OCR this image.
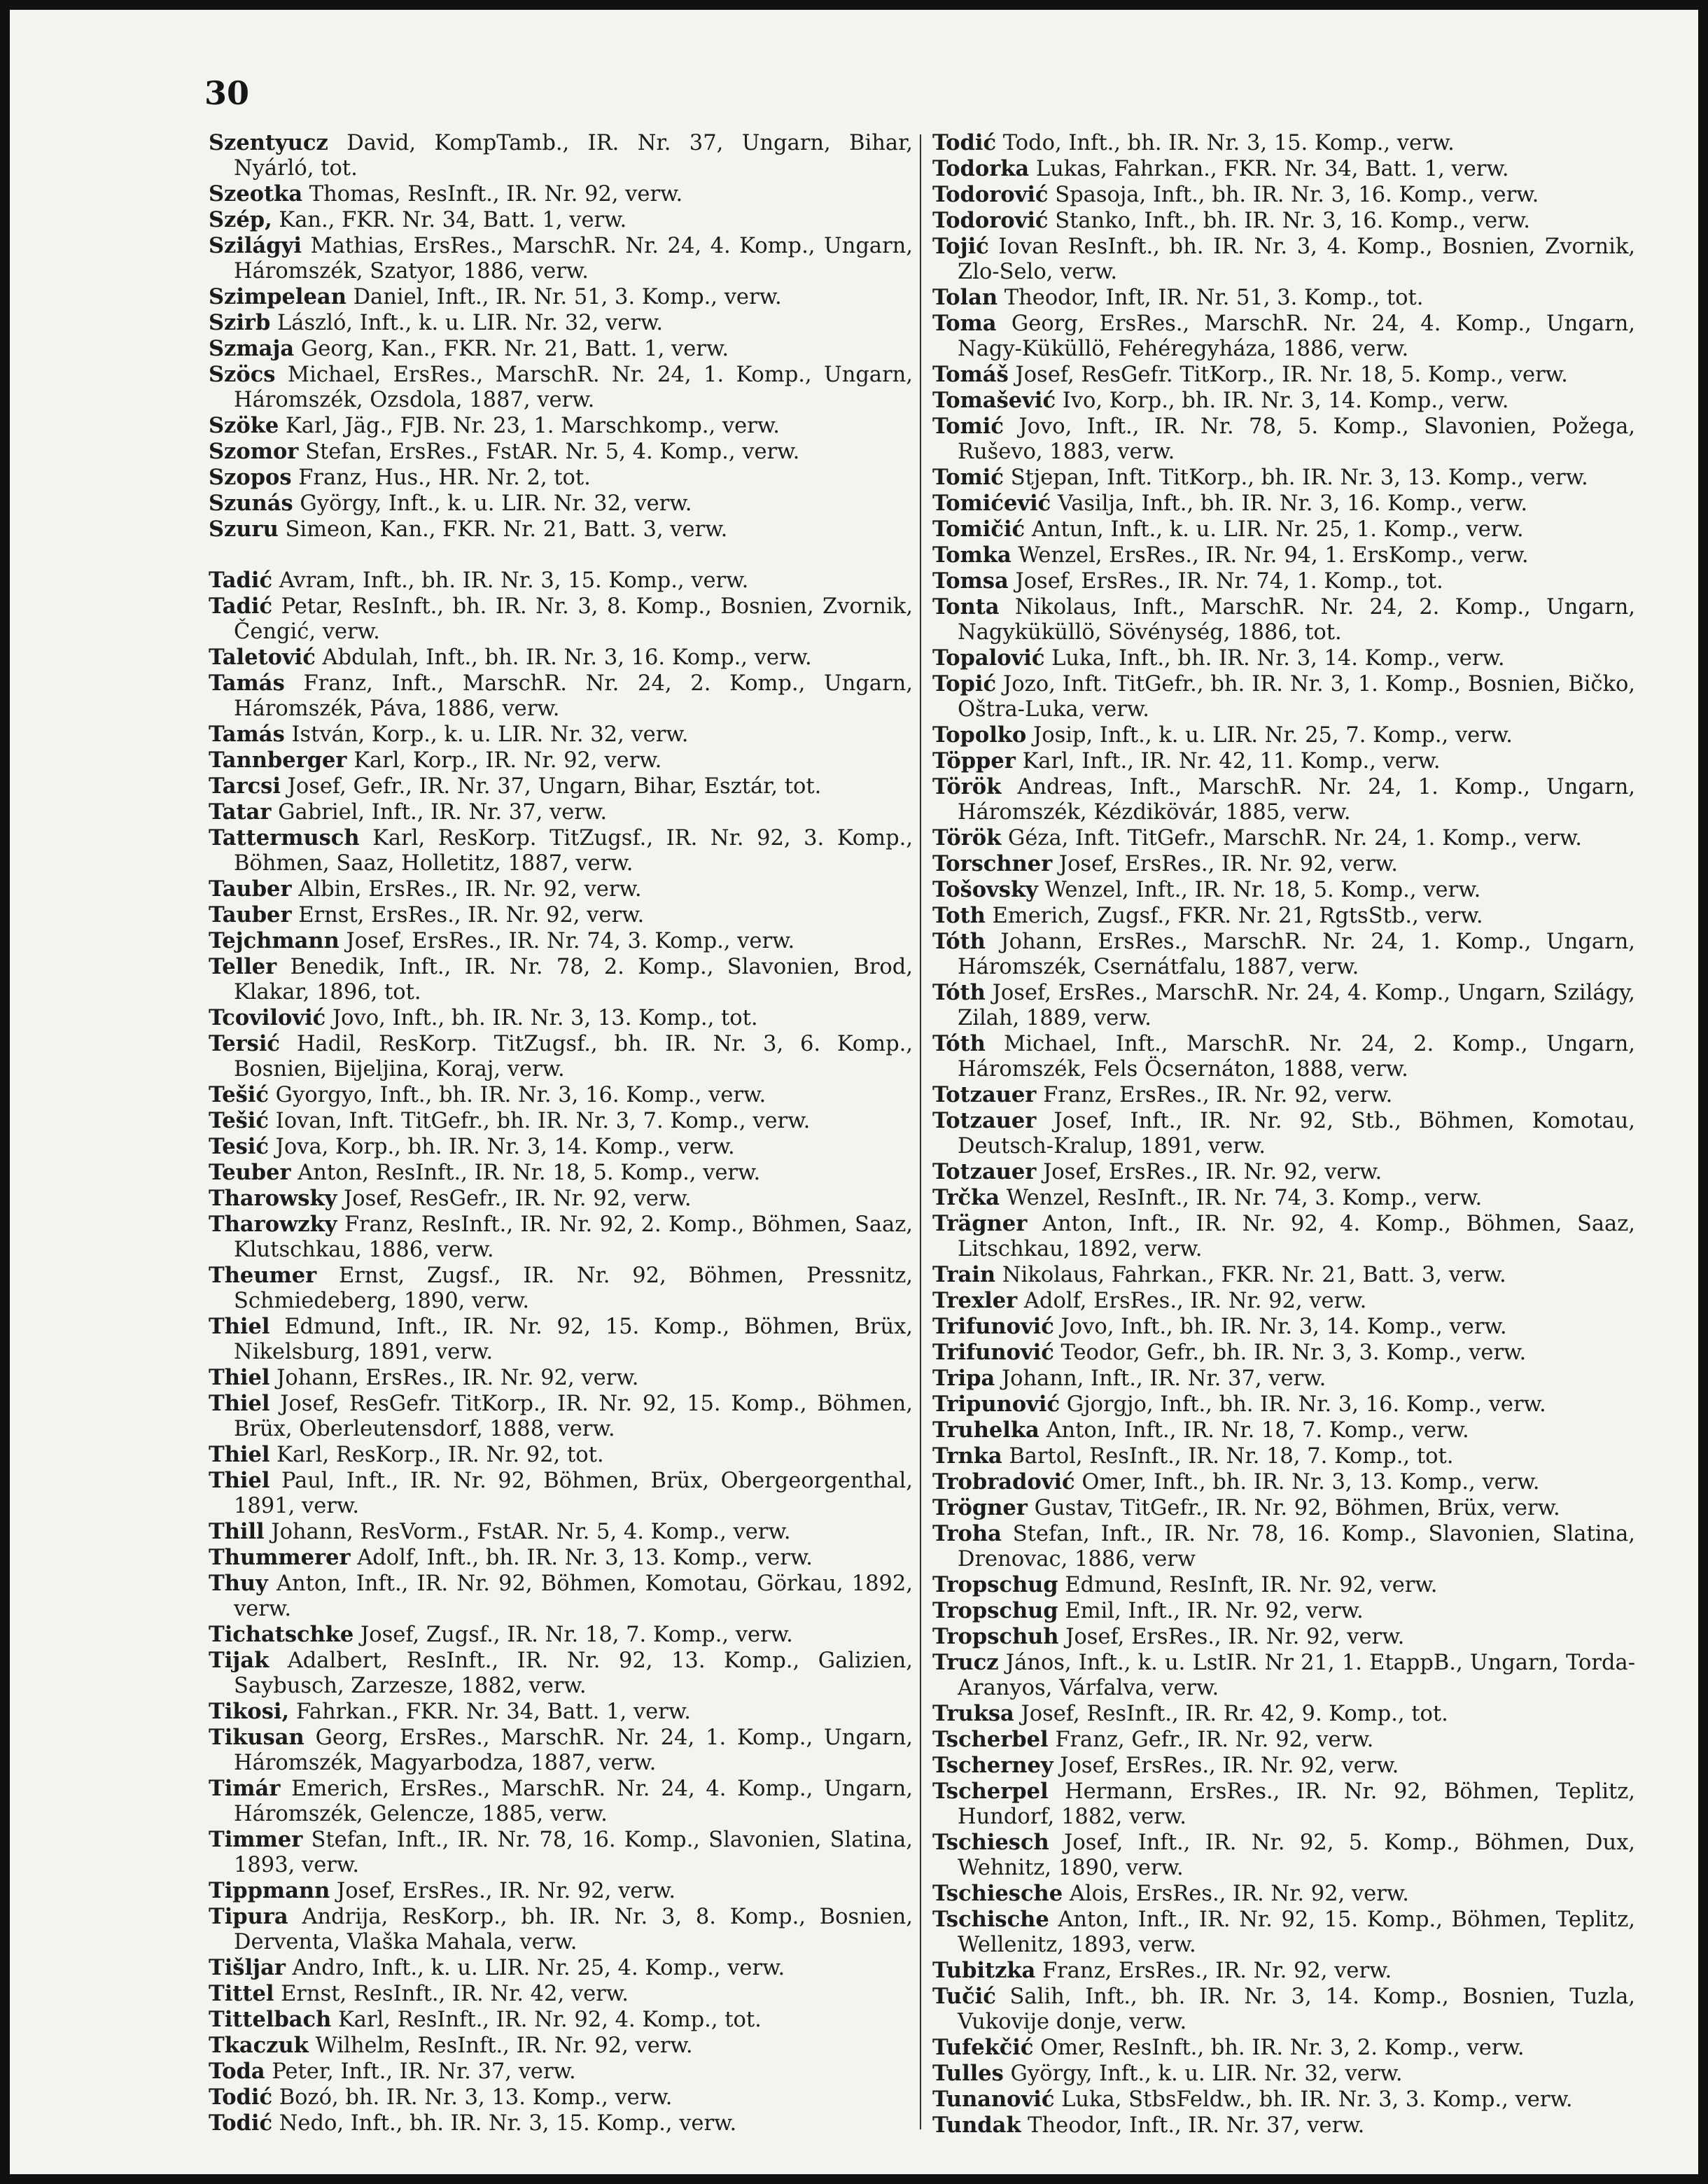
30
Szentyucz David, KompTamb., IR. Nr. 37, Ungarn, Bihar, Nyárló, tot.
Szeotka Thomas, ResInft., IR. Nr. 92, verw.
Szép, Kan., FKR. Nr. 34, Batt. 1, verw.
Szilágyi Mathias, ErsRes., MarschR. Nr. 24, 4. Komp., Ungarn, Háromszék, Szatyor, 1886, verw.
Szimpelean Daniel, Inft., IR. Nr. 51, 3. Komp., verw.
Szirb László, Inft., k. u. LIR. Nr. 32, verw.
Szmaja Georg, Kan., FKR. Nr. 21, Batt. 1, verw.
Szöcs Michael, ErsRes., MarschR. Nr. 24, 1. Komp., Ungarn, Háromszék, Ozsdola, 1887, verw.
Szöke Karl, Jäg., FJB. Nr. 23, 1. Marschkomp., verw.
Szomor Stefan, ErsRes., FstAR. Nr. 5, 4. Komp., verw.
Szopos Franz, Hus., HR. Nr. 2, tot.
Szunás György, Inft., k. u. LIR. Nr. 32, verw.
Szuru Simeon, Kan., FKR. Nr. 21, Batt. 3, verw.
Tadić Avram, Inft., bh. IR. Nr. 3, 15. Komp., verw.
Tadić Petar, ResInft., bh. IR. Nr. 3, 8. Komp., Bosnien, Zvornik, Čengić, verw.
Taletović Abdulah, Inft., bh. IR. Nr. 3, 16. Komp., verw.
Tamás Franz, Inft., MarschR. Nr. 24, 2. Komp., Ungarn, Háromszék, Páva, 1886, verw.
Tamás István, Korp., k. u. LIR. Nr. 32, verw.
Tannberger Karl, Korp., IR. Nr. 92, verw.
Tarcsi Josef, Gefr., IR. Nr. 37, Ungarn, Bihar, Esztár, tot.
Tatar Gabriel, Inft., IR. Nr. 37, verw.
Tattermusch Karl, ResKorp. TitZugsf., IR. Nr. 92, 3. Komp., Böhmen, Saaz, Holletitz, 1887, verw.
Tauber Albin, ErsRes., IR. Nr. 92, verw.
Tauber Ernst, ErsRes., IR. Nr. 92, verw.
Tejchmann Josef, ErsRes., IR. Nr. 74, 3. Komp., verw.
Teller Benedik, Inft., IR. Nr. 78, 2. Komp., Slavonien, Brod, Klakar, 1896, tot.
Tcovilović Jovo, Inft., bh. IR. Nr. 3, 13. Komp., tot.
Tersić Hadil, ResKorp. TitZugsf., bh. IR. Nr. 3, 6. Komp., Bosnien, Bijeljina, Koraj, verw.
Tešić Gyorgyo, Inft., bh. IR. Nr. 3, 16. Komp., verw.
Tešić Iovan, Inft. TitGefr., bh. IR. Nr. 3, 7. Komp., verw.
Tesić Jova, Korp., bh. IR. Nr. 3, 14. Komp., verw.
Teuber Anton, ResInft., IR. Nr. 18, 5. Komp., verw.
Tharowsky Josef, ResGefr., IR. Nr. 92, verw.
Tharowzky Franz, ResInft., IR. Nr. 92, 2. Komp., Böhmen, Saaz, Klutschkau, 1886, verw.
Theumer Ernst, Zugsf., IR. Nr. 92, Böhmen, Pressnitz, Schmiedeberg, 1890, verw.
Thiel Edmund, Inft., IR. Nr. 92, 15. Komp., Böhmen, Brüx, Nikelsburg, 1891, verw.
Thiel Johann, ErsRes., IR. Nr. 92, verw.
Thiel Josef, ResGefr. TitKorp., IR. Nr. 92, 15. Komp., Böhmen, Brüx, Oberleutensdorf, 1888, verw.
Thiel Karl, ResKorp., IR. Nr. 92, tot.
Thiel Paul, Inft., IR. Nr. 92, Böhmen, Brüx, Obergeorgenthal, 1891, verw.
Thill Johann, ResVorm., FstAR. Nr. 5, 4. Komp., verw.
Thummerer Adolf, Inft., bh. IR. Nr. 3, 13. Komp., verw.
Thuy Anton, Inft., IR. Nr. 92, Böhmen, Komotau, Görkau, 1892, verw.
Tichatschke Josef, Zugsf., IR. Nr. 18, 7. Komp., verw.
Tijak Adalbert, ResInft., IR. Nr. 92, 13. Komp., Galizien, Saybusch, Zarzesze, 1882, verw.
Tikosi, Fahrkan., FKR. Nr. 34, Batt. 1, verw.
Tikusan Georg, ErsRes., MarschR. Nr. 24, 1. Komp., Ungarn, Háromszék, Magyarbodza, 1887, verw.
Timár Emerich, ErsRes., MarschR. Nr. 24, 4. Komp., Ungarn, Háromszék, Gelencze, 1885, verw.
Timmer Stefan, Inft., IR. Nr. 78, 16. Komp., Slavonien, Slatina, 1893, verw.
Tippmann Josef, ErsRes., IR. Nr. 92, verw.
Tipura Andrija, ResKorp., bh. IR. Nr. 3, 8. Komp., Bosnien, Derventa, Vlaška Mahala, verw.
Tišljar Andro, Inft., k. u. LIR. Nr. 25, 4. Komp., verw.
Tittel Ernst, ResInft., IR. Nr. 42, verw.
Tittelbach Karl, ResInft., IR. Nr. 92, 4. Komp., tot.
Tkaczuk Wilhelm, ResInft., IR. Nr. 92, verw.
Toda Peter, Inft., IR. Nr. 37, verw.
Todić Bozó, bh. IR. Nr. 3, 13. Komp., verw.
Todić Nedo, Inft., bh. IR. Nr. 3, 15. Komp., verw.
Todić Todo, Inft., bh. IR. Nr. 3, 15. Komp., verw.
Todorka Lukas, Fahrkan., FKR. Nr. 34, Batt. 1, verw.
Todorović Spasoja, Inft., bh. IR. Nr. 3, 16. Komp., verw.
Todorović Stanko, Inft., bh. IR. Nr. 3, 16. Komp., verw.
Tojić Iovan ResInft., bh. IR. Nr. 3, 4. Komp., Bosnien, Zvornik, Zlo-Selo, verw.
Tolan Theodor, Inft, IR. Nr. 51, 3. Komp., tot.
Toma Georg, ErsRes., MarschR. Nr. 24, 4. Komp., Ungarn, Nagy-Küküllö, Fehéregyháza, 1886, verw.
Tomáš Josef, ResGefr. TitKorp., IR. Nr. 18, 5. Komp., verw.
Tomašević Ivo, Korp., bh. IR. Nr. 3, 14. Komp., verw.
Tomić Jovo, Inft., IR. Nr. 78, 5. Komp., Slavonien, Požega, Ruševo, 1883, verw.
Tomić Stjepan, Inft. TitKorp., bh. IR. Nr. 3, 13. Komp., verw.
Tomićević Vasilja, Inft., bh. IR. Nr. 3, 16. Komp., verw.
Tomičić Antun, Inft., k. u. LIR. Nr. 25, 1. Komp., verw.
Tomka Wenzel, ErsRes., IR. Nr. 94, 1. ErsKomp., verw.
Tomsa Josef, ErsRes., IR. Nr. 74, 1. Komp., tot.
Tonta Nikolaus, Inft., MarschR. Nr. 24, 2. Komp., Ungarn, Nagyküküllö, Sövénység, 1886, tot.
Topalović Luka, Inft., bh. IR. Nr. 3, 14. Komp., verw.
Topić Jozo, Inft. TitGefr., bh. IR. Nr. 3, 1. Komp., Bosnien, Bičko, Oštra-Luka, verw.
Topolko Josip, Inft., k. u. LIR. Nr. 25, 7. Komp., verw.
Töpper Karl, Inft., IR. Nr. 42, 11. Komp., verw.
Török Andreas, Inft., MarschR. Nr. 24, 1. Komp., Ungarn, Háromszék, Kézdikövár, 1885, verw.
Török Géza, Inft. TitGefr., MarschR. Nr. 24, 1. Komp., verw.
Torschner Josef, ErsRes., IR. Nr. 92, verw.
Tošovsky Wenzel, Inft., IR. Nr. 18, 5. Komp., verw.
Toth Emerich, Zugsf., FKR. Nr. 21, RgtsStb., verw.
Tóth Johann, ErsRes., MarschR. Nr. 24, 1. Komp., Ungarn, Háromszék, Csernátfalu, 1887, verw.
Tóth Josef, ErsRes., MarschR. Nr. 24, 4. Komp., Ungarn, Szilágy, Zilah, 1889, verw.
Tóth Michael, Inft., MarschR. Nr. 24, 2. Komp., Ungarn, Háromszék, Fels Öcsernáton, 1888, verw.
Totzauer Franz, ErsRes., IR. Nr. 92, verw.
Totzauer Josef, Inft., IR. Nr. 92, Stb., Böhmen, Komotau, Deutsch-Kralup, 1891, verw.
Totzauer Josef, ErsRes., IR. Nr. 92, verw.
Trčka Wenzel, ResInft., IR. Nr. 74, 3. Komp., verw.
Trägner Anton, Inft., IR. Nr. 92, 4. Komp., Böhmen, Saaz, Litschkau, 1892, verw.
Train Nikolaus, Fahrkan., FKR. Nr. 21, Batt. 3, verw.
Trexler Adolf, ErsRes., IR. Nr. 92, verw.
Trifunović Jovo, Inft., bh. IR. Nr. 3, 14. Komp., verw.
Trifunović Teodor, Gefr., bh. IR. Nr. 3, 3. Komp., verw.
Tripa Johann, Inft., IR. Nr. 37, verw.
Tripunović Gjorgjo, Inft., bh. IR. Nr. 3, 16. Komp., verw.
Truhelka Anton, Inft., IR. Nr. 18, 7. Komp., verw.
Trnka Bartol, ResInft., IR. Nr. 18, 7. Komp., tot.
Trobradović Omer, Inft., bh. IR. Nr. 3, 13. Komp., verw.
Trögner Gustav, TitGefr., IR. Nr. 92, Böhmen, Brüx, verw.
Troha Stefan, Inft., IR. Nr. 78, 16. Komp., Slavonien, Slatina, Drenovac, 1886, verw
Tropschug Edmund, ResInft, IR. Nr. 92, verw.
Tropschug Emil, Inft., IR. Nr. 92, verw.
Tropschuh Josef, ErsRes., IR. Nr. 92, verw.
Trucz János, Inft., k. u. LstIR. Nr 21, 1. EtappB., Ungarn, Torda-Aranyos, Várfalva, verw.
Truksa Josef, ResInft., IR. Rr. 42, 9. Komp., tot.
Tscherbel Franz, Gefr., IR. Nr. 92, verw.
Tscherney Josef, ErsRes., IR. Nr. 92, verw.
Tscherpel Hermann, ErsRes., IR. Nr. 92, Böhmen, Teplitz, Hundorf, 1882, verw.
Tschiesch Josef, Inft., IR. Nr. 92, 5. Komp., Böhmen, Dux, Wehnitz, 1890, verw.
Tschiesche Alois, ErsRes., IR. Nr. 92, verw.
Tschische Anton, Inft., IR. Nr. 92, 15. Komp., Böhmen, Teplitz, Wellenitz, 1893, verw.
Tubitzka Franz, ErsRes., IR. Nr. 92, verw.
Tučić Salih, Inft., bh. IR. Nr. 3, 14. Komp., Bosnien, Tuzla, Vukovije donje, verw.
Tufekčić Omer, ResInft., bh. IR. Nr. 3, 2. Komp., verw.
Tulles György, Inft., k. u. LIR. Nr. 32, verw.
Tunanović Luka, StbsFeldw., bh. IR. Nr. 3, 3. Komp., verw.
Tundak Theodor, Inft., IR. Nr. 37, verw.
